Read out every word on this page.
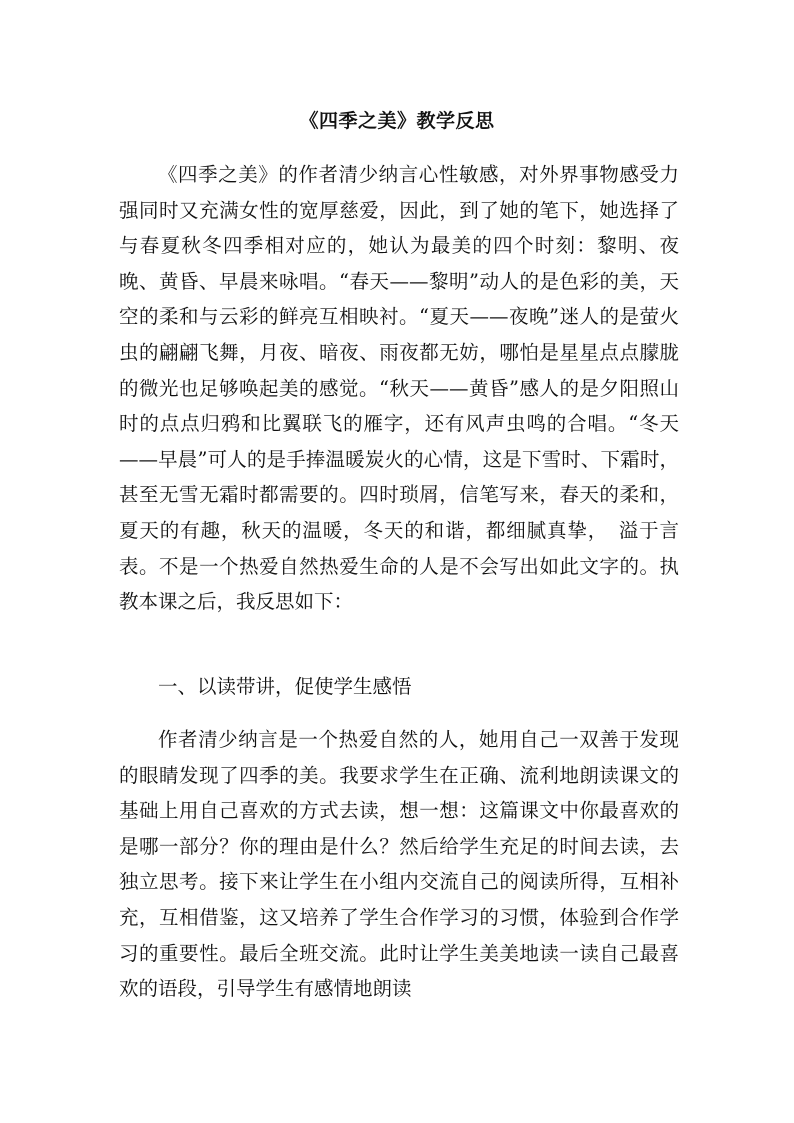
《四季之美》教学反思

《四季之美》的作者清少纳言心性敏感，对外界事物感受力强同时又充满女性的宽厚慈爱，因此，到了她的笔下，她选择了与春夏秋冬四季相对应的，她认为最美的四个时刻：黎明、夜晚、黄昏、早晨来咏唱。“春天——黎明”动人的是色彩的美，天空的柔和与云彩的鲜亮互相映衬。“夏天——夜晚”迷人的是萤火虫的翩翩飞舞，月夜、暗夜、雨夜都无妨，哪怕是星星点点朦胧的微光也足够唤起美的感觉。“秋天——黄昏”感人的是夕阳照山时的点点归鸦和比翼联飞的雁字，还有风声虫鸣的合唱。“冬天——早晨”可人的是手捧温暖炭火的心情，这是下雪时、下霜时，甚至无雪无霜时都需要的。四时琐屑，信笔写来，春天的柔和，夏天的有趣，秋天的温暖，冬天的和谐，都细腻真挚，　溢于言表。不是一个热爱自然热爱生命的人是不会写出如此文字的。执教本课之后，我反思如下：

一、以读带讲，促使学生感悟

作者清少纳言是一个热爱自然的人，她用自己一双善于发现的眼睛发现了四季的美。我要求学生在正确、流利地朗读课文的基础上用自己喜欢的方式去读，想一想：这篇课文中你最喜欢的是哪一部分？你的理由是什么？然后给学生充足的时间去读，去独立思考。接下来让学生在小组内交流自己的阅读所得，互相补充，互相借鉴，这又培养了学生合作学习的习惯，体验到合作学习的重要性。最后全班交流。此时让学生美美地读一读自己最喜欢的语段，引导学生有感情地朗读
